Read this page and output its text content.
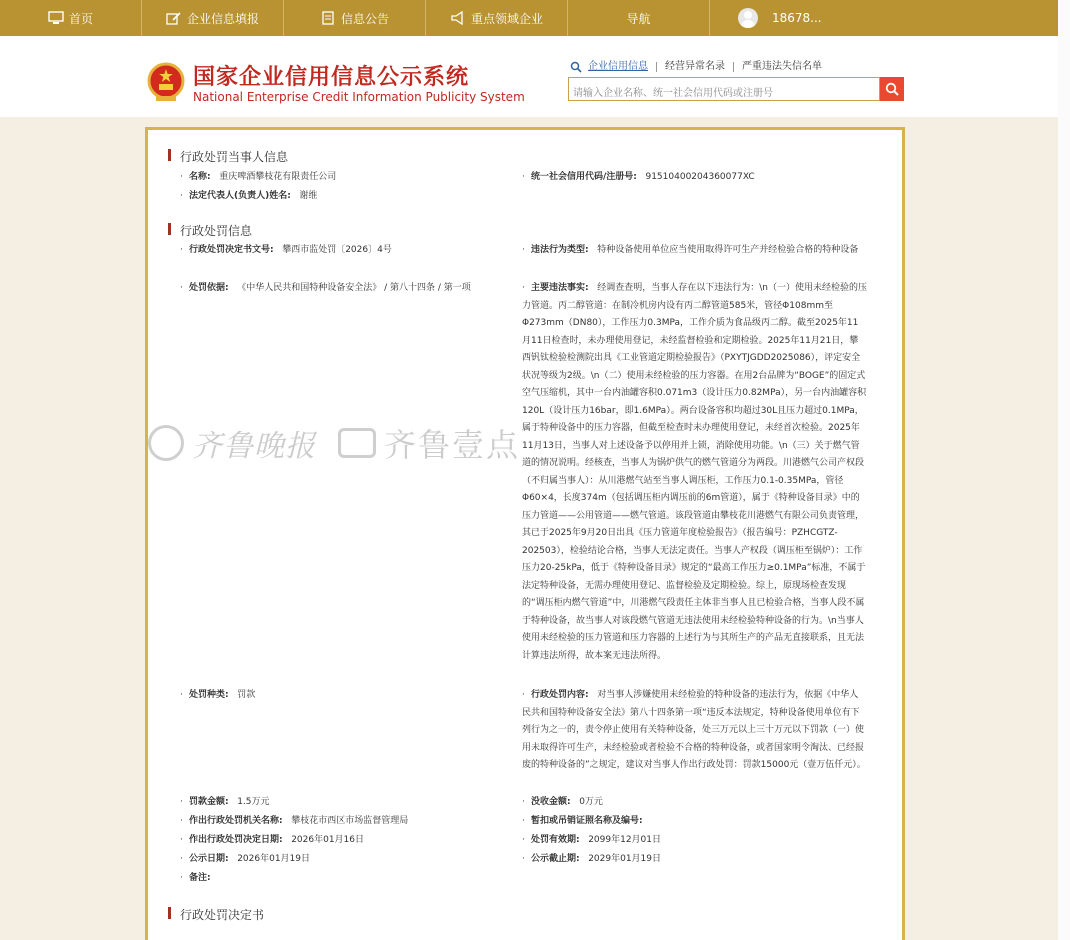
首页	企业信息填报	信息公告	重点领域企业	导航	18678...
国家企业信用信息公示系统
National Enterprise Credit Information Publicity System
企业信用信息	经营异常名录	严重违法失信名单
请输入企业名称、统一社会信用代码或注册号
行政处罚当事人信息
· 名称: 重庆啤酒攀枝花有限责任公司	· 统一社会信用代码/注册号: 91510400204360077XC
· 法定代表人(负责人)姓名: 谢维
行政处罚信息
· 行政处罚决定书文号: 攀西市监处罚〔2026〕4号	· 违法行为类型: 特种设备使用单位应当使用取得许可生产并经检验合格的特种设备
· 处罚依据: 《中华人民共和国特种设备安全法》 / 第八十四条 / 第一项	· 主要违法事实: 经调查查明，当事人存在以下违法行为：\n（一）使用未经检验的压力管道。丙二醇管道：在制冷机房内设有丙二醇管道585米，管径Φ108mm至Φ273mm（DN80），工作压力0.3MPa，工作介质为食品级丙二醇。截至2025年11月11日检查时，未办理使用登记，未经监督检验和定期检验。2025年11月21日，攀西钒钛检验检测院出具《工业管道定期检验报告》（PXYTJGDD2025086），评定安全状况等级为2级。\n（二）使用未经检验的压力容器。在用2台品牌为“BOGE”的固定式空气压缩机，其中一台内油罐容积0.071m3（设计压力0.82MPa），另一台内油罐容积120L（设计压力16bar，即1.6MPa）。两台设备容积均超过30L且压力超过0.1MPa，属于特种设备中的压力容器，但截至检查时未办理使用登记，未经首次检验。2025年11月13日，当事人对上述设备予以停用并上锁，消除使用功能。\n（三）关于燃气管道的情况说明。经核查，当事人为锅炉供气的燃气管道分为两段。川港燃气公司产权段（不归属当事人）：从川港燃气站至当事人调压柜，工作压力0.1-0.35MPa，管径Φ60×4，长度374m（包括调压柜内调压前的6m管道），属于《特种设备目录》中的压力管道——公用管道——燃气管道。该段管道由攀枝花川港燃气有限公司负责管理，其已于2025年9月20日出具《压力管道年度检验报告》（报告编号：PZHCGTZ-202503），检验结论合格，当事人无法定责任。当事人产权段（调压柜至锅炉）：工作压力20-25kPa，低于《特种设备目录》规定的“最高工作压力≥0.1MPa”标准，不属于法定特种设备，无需办理使用登记、监督检验及定期检验。综上，原现场检查发现的“调压柜内燃气管道”中，川港燃气段责任主体非当事人且已检验合格，当事人段不属于特种设备，故当事人对该段燃气管道无违法使用未经检验特种设备的行为。\n当事人使用未经检验的压力管道和压力容器的上述行为与其所生产的产品无直接联系，且无法计算违法所得，故本案无违法所得。
· 处罚种类: 罚款	· 行政处罚内容: 对当事人涉嫌使用未经检验的特种设备的违法行为，依据《中华人民共和国特种设备安全法》第八十四条第一项“违反本法规定，特种设备使用单位有下列行为之一的，责令停止使用有关特种设备，处三万元以上三十万元以下罚款（一）使用未取得许可生产，未经检验或者检验不合格的特种设备，或者国家明令淘汰、已经报废的特种设备的”之规定，建议对当事人作出行政处罚：罚款15000元（壹万伍仟元）。
· 罚款金额: 1.5万元	· 没收金额: 0万元
· 作出行政处罚机关名称: 攀枝花市西区市场监督管理局	· 暂扣或吊销证照名称及编号:
· 作出行政处罚决定日期: 2026年01月16日	· 处罚有效期: 2099年12月01日
· 公示日期: 2026年01月19日	· 公示截止期: 2029年01月19日
· 备注:
行政处罚决定书
齐鲁晚报 齐鲁壹点
